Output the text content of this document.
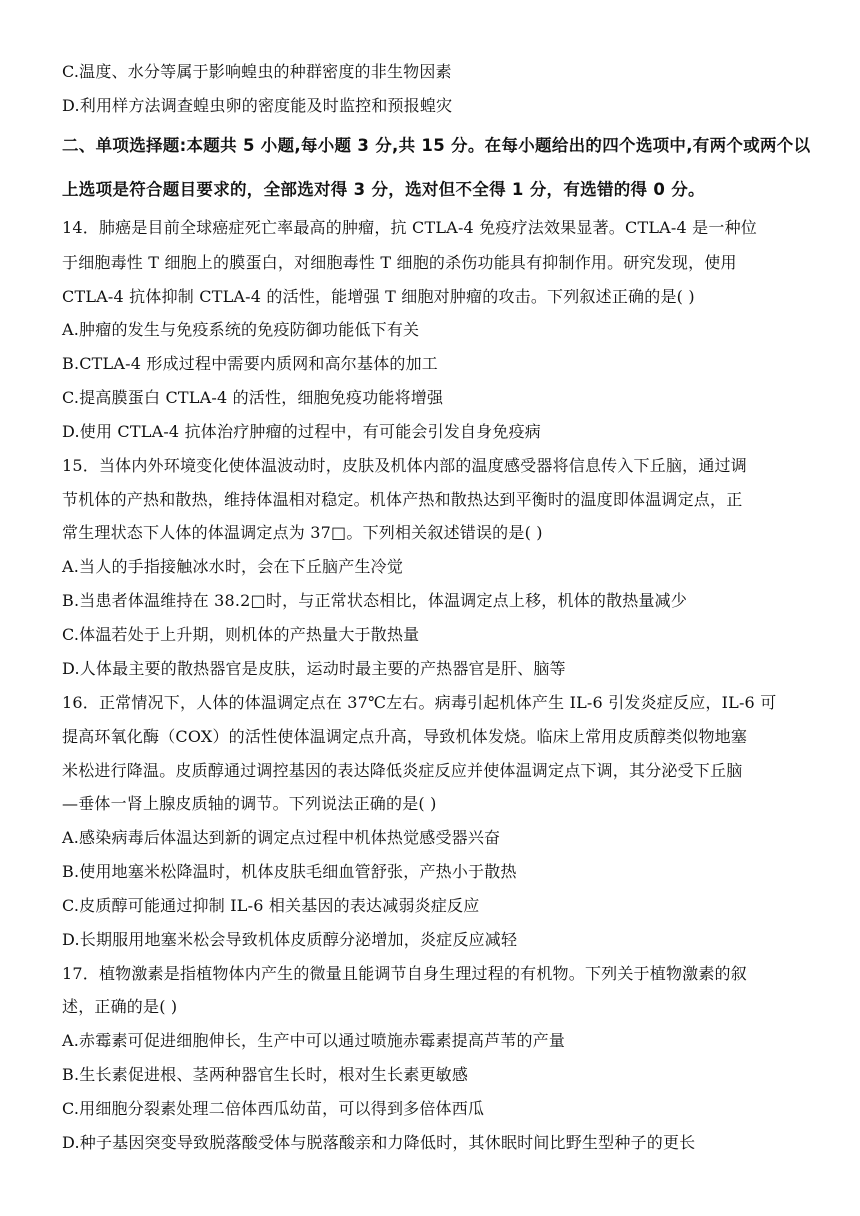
C.温度、水分等属于影响蝗虫的种群密度的非生物因素
D.利用样方法调查蝗虫卵的密度能及时监控和预报蝗灾
二、单项选择题:本题共 5 小题,每小题 3 分,共 15 分。在每小题给出的四个选项中,有两个或两个以
上选项是符合题目要求的，全部选对得 3 分，选对但不全得 1 分，有选错的得 0 分。
14．肺癌是目前全球癌症死亡率最高的肿瘤，抗 CTLA-4 免疫疗法效果显著。CTLA-4 是一种位
于细胞毒性 T 细胞上的膜蛋白，对细胞毒性 T 细胞的杀伤功能具有抑制作用。研究发现，使用
CTLA-4 抗体抑制 CTLA-4 的活性，能增强 T 细胞对肿瘤的攻击。下列叙述正确的是( )
A.肿瘤的发生与免疫系统的免疫防御功能低下有关
B.CTLA-4 形成过程中需要内质网和高尔基体的加工
C.提高膜蛋白 CTLA-4 的活性，细胞免疫功能将增强
D.使用 CTLA-4 抗体治疗肿瘤的过程中，有可能会引发自身免疫病
15．当体内外环境变化使体温波动时，皮肤及机体内部的温度感受器将信息传入下丘脑，通过调
节机体的产热和散热，维持体温相对稳定。机体产热和散热达到平衡时的温度即体温调定点，正
常生理状态下人体的体温调定点为 37□。下列相关叙述错误的是( )
A.当人的手指接触冰水时，会在下丘脑产生冷觉
B.当患者体温维持在 38.2□时，与正常状态相比，体温调定点上移，机体的散热量减少
C.体温若处于上升期，则机体的产热量大于散热量
D.人体最主要的散热器官是皮肤，运动时最主要的产热器官是肝、脑等
16．正常情况下，人体的体温调定点在 37℃左右。病毒引起机体产生 IL-6 引发炎症反应，IL-6 可
提高环氧化酶（COX）的活性使体温调定点升高，导致机体发烧。临床上常用皮质醇类似物地塞
米松进行降温。皮质醇通过调控基因的表达降低炎症反应并使体温调定点下调，其分泌受下丘脑
—垂体一肾上腺皮质轴的调节。下列说法正确的是( )
A.感染病毒后体温达到新的调定点过程中机体热觉感受器兴奋
B.使用地塞米松降温时，机体皮肤毛细血管舒张，产热小于散热
C.皮质醇可能通过抑制 IL-6 相关基因的表达减弱炎症反应
D.长期服用地塞米松会导致机体皮质醇分泌增加，炎症反应减轻
17．植物激素是指植物体内产生的微量且能调节自身生理过程的有机物。下列关于植物激素的叙
述，正确的是( )
A.赤霉素可促进细胞伸长，生产中可以通过喷施赤霉素提高芦苇的产量
B.生长素促进根、茎两种器官生长时，根对生长素更敏感
C.用细胞分裂素处理二倍体西瓜幼苗，可以得到多倍体西瓜
D.种子基因突变导致脱落酸受体与脱落酸亲和力降低时，其休眠时间比野生型种子的更长
